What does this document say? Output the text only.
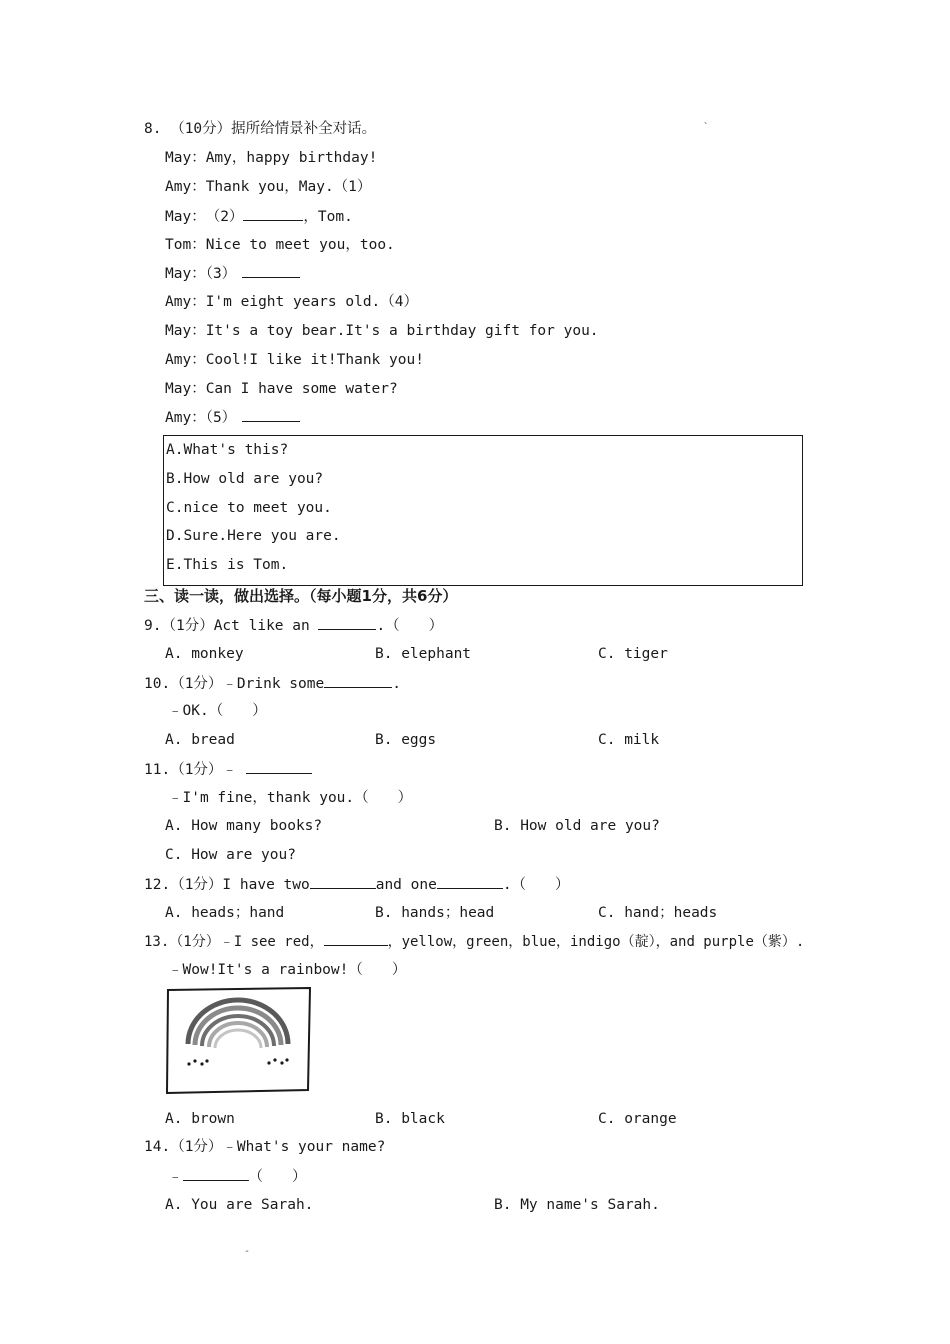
8. （10分）据所给情景补全对话。	`
May：Amy，happy birthday!
Amy：Thank you，May.（1）
May：　（2）	，Tom.
Tom：Nice to meet you，too.
May：（3）
Amy：I'm eight years old.（4）
May：It's a toy bear.It's a birthday gift for you.
Amy：Cool!I like it!Thank you!
May：Can I have some water?
Amy：（5）
A.What's this?
B.How old are you?
C.nice to meet you.
D.Sure.Here you are.
E.This is Tom.
三、读一读，做出选择。（每小题1分，共6分）
9.（1分）Act like an	.（　　）
A. monkey	B. elephant	C. tiger
10.（1分）﹣Drink some	.
﹣OK.（　　）
A. bread	B. eggs	C. milk
11.（1分）﹣
﹣I'm fine，thank you.（　　）
A. How many books?	B. How old are you?
C. How are you?
12.（1分）I have two	and one	.（　　）
A. heads；hand	B. hands；head	C. hand；heads
13.（1分）﹣I see red，	，yellow，green，blue，indigo（靛），and purple（紫）.
﹣Wow!It's a rainbow!（　　）
A. brown	B. black	C. orange
14.（1分）﹣What's your name?
﹣	（　　）
A. You are Sarah.	B. My name's Sarah.
-
